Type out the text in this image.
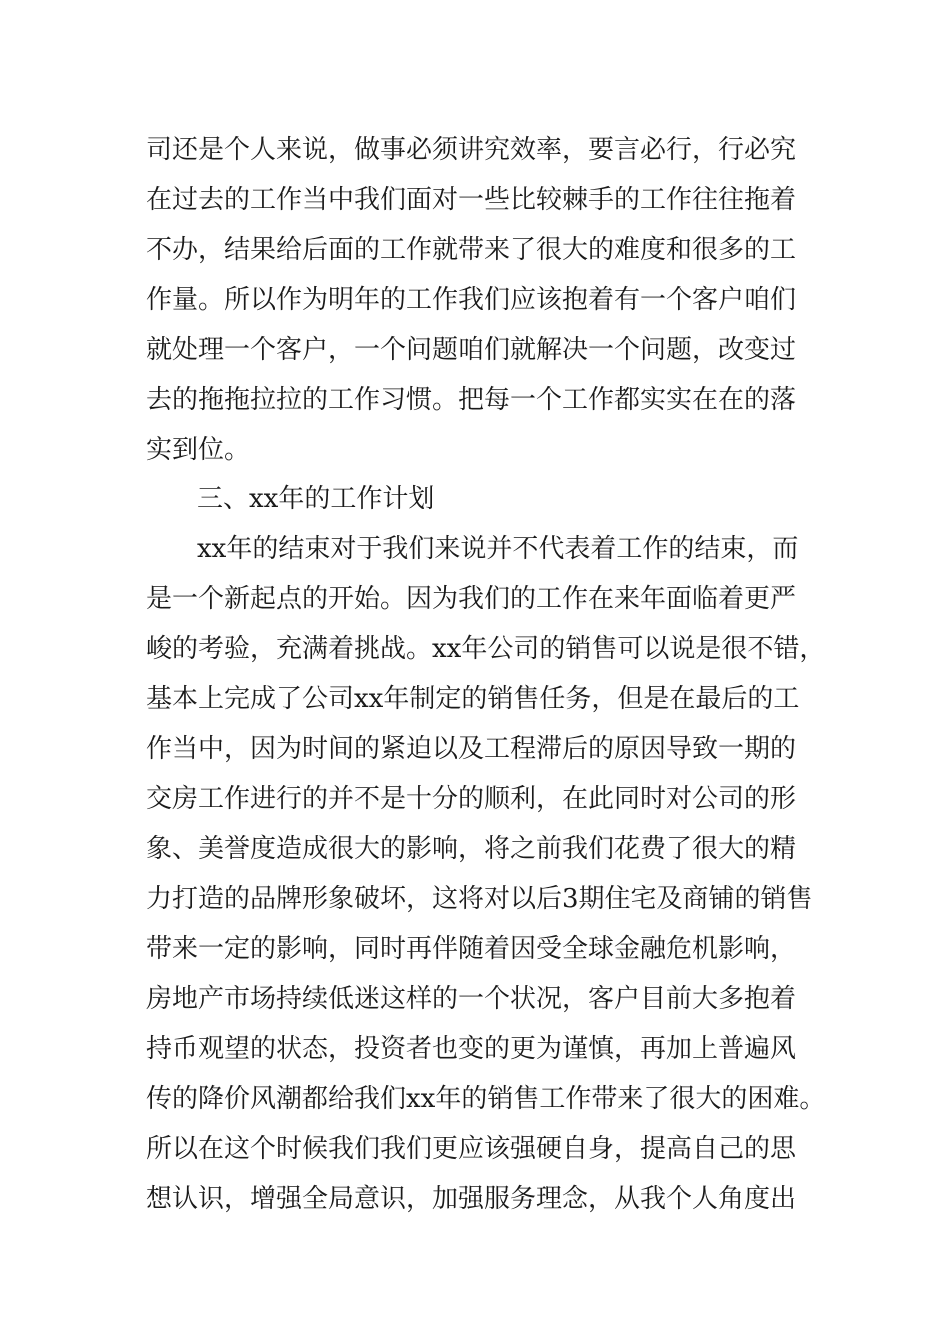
司还是个人来说，做事必须讲究效率，要言必行，行必究
在过去的工作当中我们面对一些比较棘手的工作往往拖着
不办，结果给后面的工作就带来了很大的难度和很多的工
作量。所以作为明年的工作我们应该抱着有一个客户咱们
就处理一个客户，一个问题咱们就解决一个问题，改变过
去的拖拖拉拉的工作习惯。把每一个工作都实实在在的落
实到位。
三、xx年的工作计划
xx年的结束对于我们来说并不代表着工作的结束，而
是一个新起点的开始。因为我们的工作在来年面临着更严
峻的考验，充满着挑战。xx年公司的销售可以说是很不错，
基本上完成了公司xx年制定的销售任务，但是在最后的工
作当中，因为时间的紧迫以及工程滞后的原因导致一期的
交房工作进行的并不是十分的顺利，在此同时对公司的形
象、美誉度造成很大的影响，将之前我们花费了很大的精
力打造的品牌形象破坏，这将对以后3期住宅及商铺的销售
带来一定的影响，同时再伴随着因受全球金融危机影响，
房地产市场持续低迷这样的一个状况，客户目前大多抱着
持币观望的状态，投资者也变的更为谨慎，再加上普遍风
传的降价风潮都给我们xx年的销售工作带来了很大的困难。
所以在这个时候我们我们更应该强硬自身，提高自己的思
想认识，增强全局意识，加强服务理念，从我个人角度出
